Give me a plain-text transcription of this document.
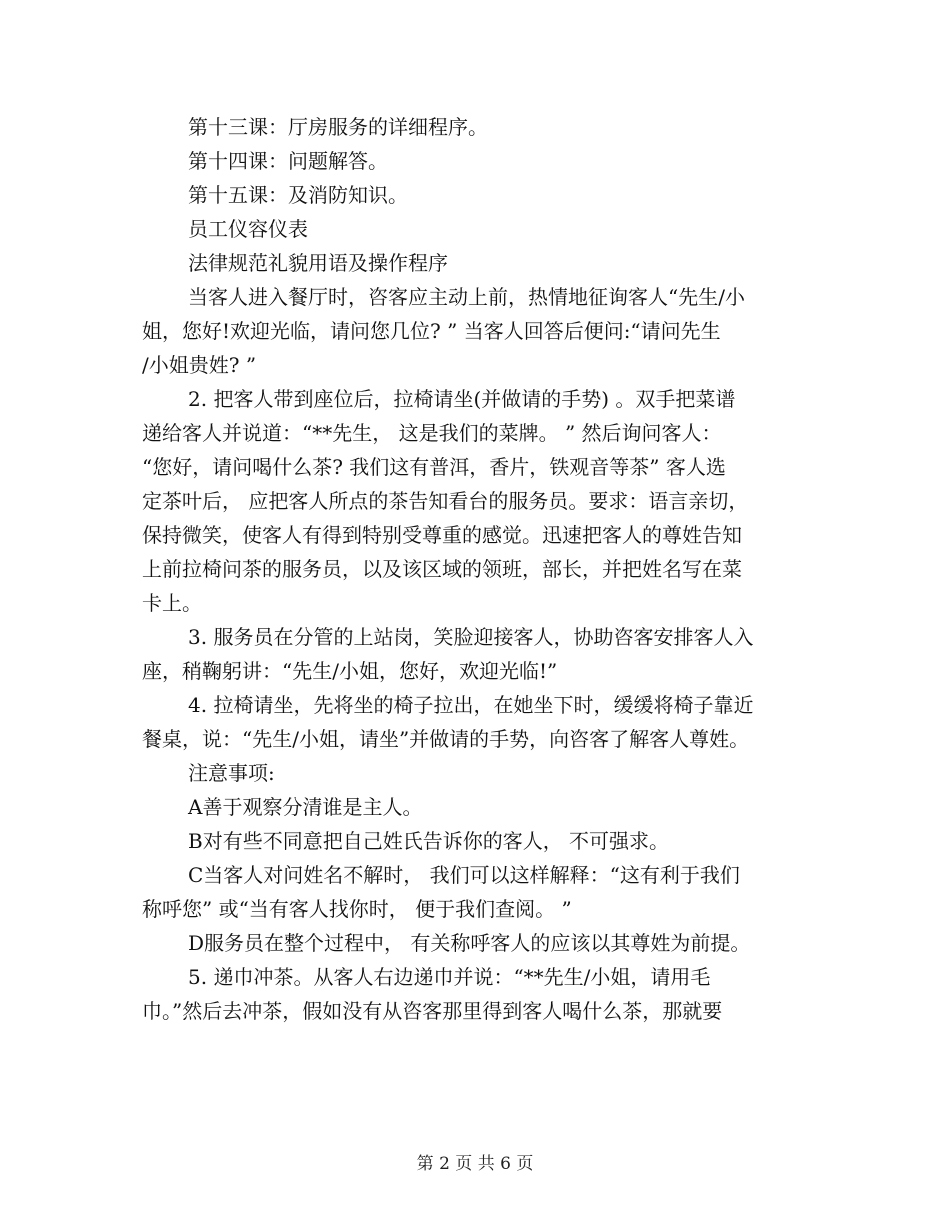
第十三课：厅房服务的详细程序。
第十四课：问题解答。
第十五课：及消防知识。
员工仪容仪表
法律规范礼貌用语及操作程序
当客人进入餐厅时，咨客应主动上前，热情地征询客人“先生/小
姐，您好!欢迎光临，请问您几位? ” 当客人回答后便问:“请问先生
/小姐贵姓? ”
2. 把客人带到座位后，拉椅请坐(并做请的手势) 。双手把菜谱
递给客人并说道：“**先生， 这是我们的菜牌。 ” 然后询问客人：
“您好，请问喝什么茶? 我们这有普洱，香片，铁观音等茶” 客人选
定茶叶后， 应把客人所点的茶告知看台的服务员。要求：语言亲切，
保持微笑，使客人有得到特别受尊重的感觉。迅速把客人的尊姓告知
上前拉椅问茶的服务员，以及该区域的领班，部长，并把姓名写在菜
卡上。
3. 服务员在分管的上站岗，笑脸迎接客人，协助咨客安排客人入
座，稍鞠躬讲：“先生/小姐，您好，欢迎光临!”
4. 拉椅请坐，先将坐的椅子拉出，在她坐下时，缓缓将椅子靠近
餐桌，说：“先生/小姐，请坐”并做请的手势，向咨客了解客人尊姓。
注意事项:
A善于观察分清谁是主人。
B对有些不同意把自己姓氏告诉你的客人， 不可强求。
C当客人对问姓名不解时， 我们可以这样解释：“这有利于我们
称呼您” 或“当有客人找你时， 便于我们查阅。 ”
D服务员在整个过程中， 有关称呼客人的应该以其尊姓为前提。
5. 递巾冲茶。从客人右边递巾并说：“**先生/小姐，请用毛
巾。”然后去冲茶，假如没有从咨客那里得到客人喝什么茶，那就要
第 2 页 共 6 页
